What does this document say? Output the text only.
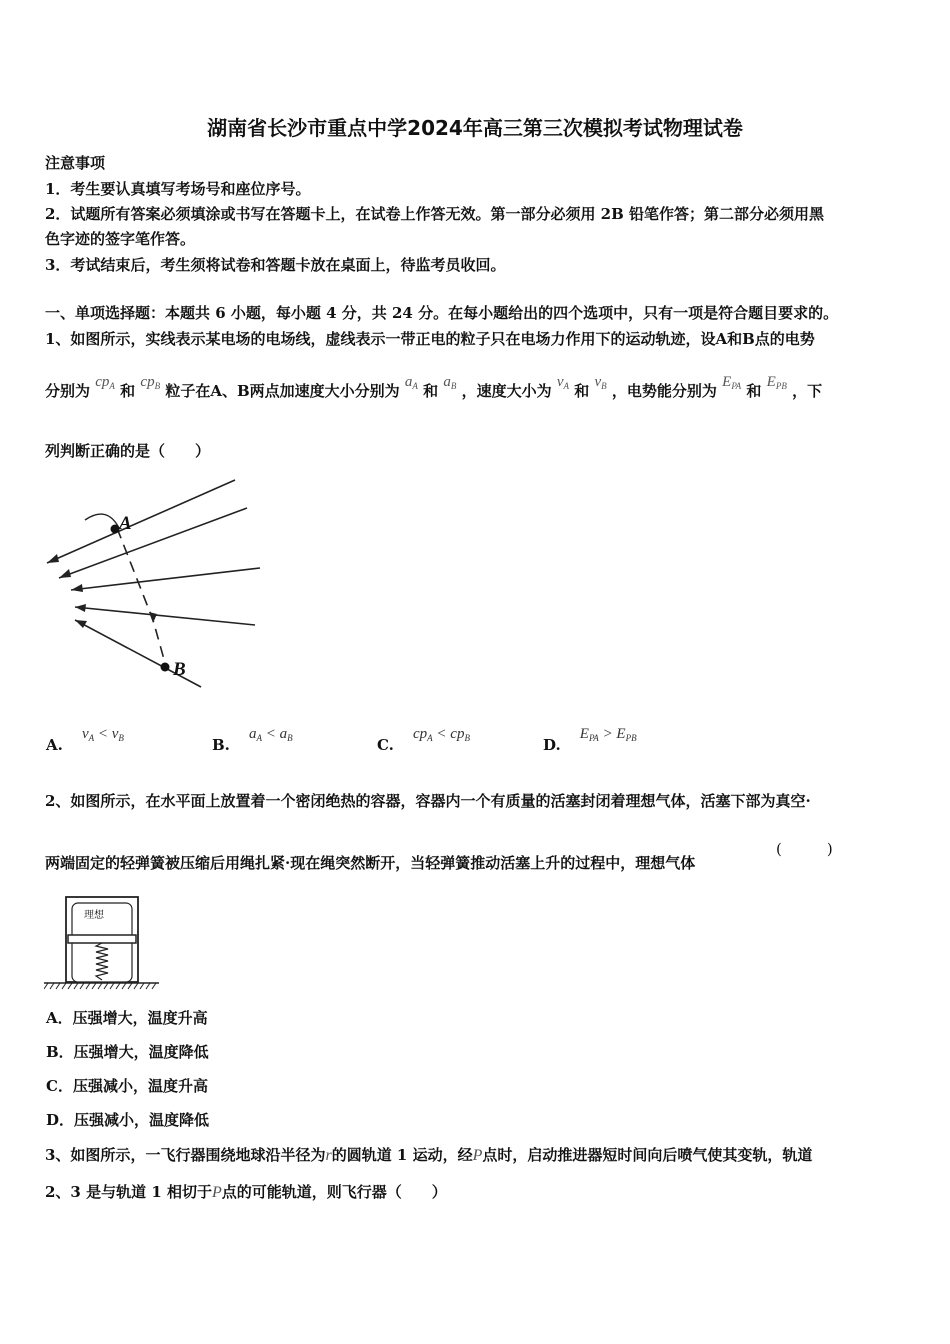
湖南省长沙市重点中学2024年高三第三次模拟考试物理试卷
注意事项
1．考生要认真填写考场号和座位序号。
2．试题所有答案必须填涂或书写在答题卡上，在试卷上作答无效。第一部分必须用 2B 铅笔作答；第二部分必须用黑
色字迹的签字笔作答。
3．考试结束后，考生须将试卷和答题卡放在桌面上，待监考员收回。
一、单项选择题：本题共 6 小题，每小题 4 分，共 24 分。在每小题给出的四个选项中，只有一项是符合题目要求的。
1、如图所示，实线表示某电场的电场线，虚线表示一带正电的粒子只在电场力作用下的运动轨迹，设A和B点的电势
分别为 $cp_A$ 和 $cp_B$ 粒子在A、B两点加速度大小分别为 $a_A$ 和 $a_B$ ，速度大小为 $v_A$ 和 $v_B$ ，电势能分别为 $E_{PA}$ 和 $E_{PB}$ ，下
列判断正确的是（　　）
A
B
A. $v_A < v_B$	B. $a_A < a_B$	C. $cp_A < cp_B$	D. $E_{PA} > E_{PB}$
2、如图所示，在水平面上放置着一个密闭绝热的容器，容器内一个有质量的活塞封闭着理想气体，活塞下部为真空·
两端固定的轻弹簧被压缩后用绳扎紧·现在绳突然断开，当轻弹簧推动活塞上升的过程中，理想气体
(　　　)
理想
A．压强增大，温度升高
B．压强增大，温度降低
C．压强减小，温度升高
D．压强减小，温度降低
3、如图所示，一飞行器围绕地球沿半径为r的圆轨道 1 运动，经P点时，启动推进器短时间向后喷气使其变轨，轨道
2、3 是与轨道 1 相切于P点的可能轨道，则飞行器（　　）
